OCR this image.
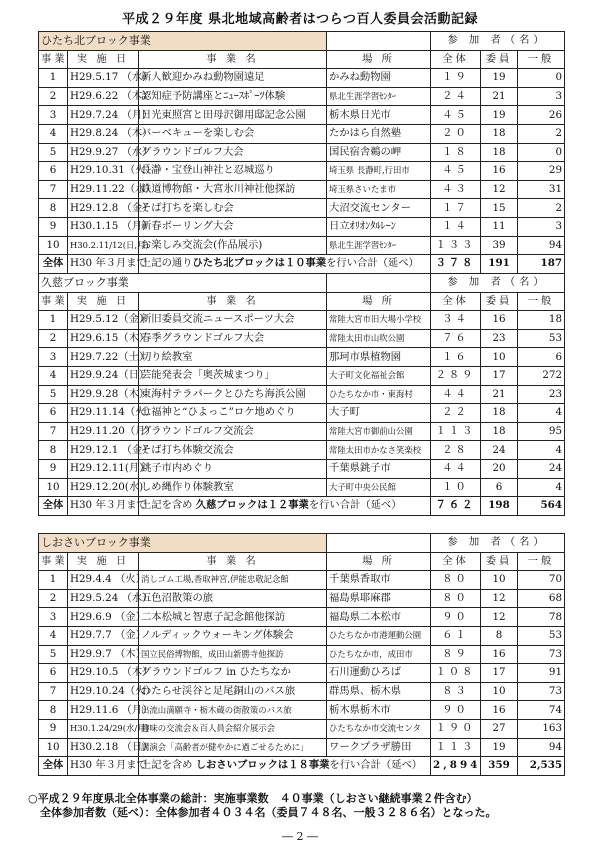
平成２９年度 県北地域高齢者はつらつ百人委員会活動記録
ひたち北ブロック事業				参 加 者（名）		
事業	実 施 日	事 業 名	場 所	全体	委員	一般
1	H29.5.17 （水）	新人歓迎かみね動物園遠足	かみね動物園	１９	19	0
2	H29.6.22 （木）	認知症予防講座とﾆｭｰｽﾎﾟｰﾂ体験	県北生涯学習ｾﾝﾀｰ	２４	21	3
3	H29.7.24 （月）	日光東照宮と田母沢御用邸記念公園	栃木県日光市	４５	19	26
4	H29.8.24 （木）	バーベキューを楽しむ会	たかはら自然塾	２０	18	2
5	H29.9.27 （水）	グラウンドゴルフ大会	国民宿舎鵜の岬	１８	18	0
6	H29.10.31（火）	長瀞・宝登山神社と忍城巡り	埼玉県 長瀞町,行田市	４５	16	29
7	H29.11.22（水）	鉄道博物館・大宮氷川神社他探訪	埼玉県さいたま市	４３	12	31
8	H29.12.8 （金）	そば打ちを楽しむ会	大沼交流センター	１７	15	2
9	H30.1.15 （月）	新春ボーリング大会	日立ｵﾘｵﾝﾀﾙﾚｰﾝ	１４	11	3
10	H30.2.11/12(日,月)	お楽しみ交流会(作品展示)	県北生涯学習ｾﾝﾀｰ	１３３	39	94
全体	H30 年３月まで	上記の通りひたち北ブロックは１０事業を行い合計（延べ）		３７８	191	187
久慈ブロック事業				参 加 者（名）		
事業	実 施 日	事 業 名	場 所	全体	委員	一般
1	H29.5.12（金）	新旧委員交流ニュースポーツ大会	常陸大宮市旧大場小学校	３４	16	18
2	H29.6.15（木）	春季グラウンドゴルフ大会	常陸太田市山吹公園	７６	23	53
3	H29.7.22（土）	切り絵教室	那珂市県植物園	１６	10	6
4	H29.9.24（日）	芸能発表会「奥茨城まつり」	大子町文化福祉会館	２８９	17	272
5	H29.9.28（木）	東海村テラパークとひたち海浜公園	ひたちなか市・東海村	４４	21	23
6	H29.11.14（火）	七福神と“ひよっこ”ロケ地めぐり	大子町	２２	18	4
7	H29.11.20（月）	グラウンドゴルフ交流会	常陸大宮市御前山公園	１１３	18	95
8	H29.12.1 （金）	そば打ち体験交流会	常陸太田市かなさ笑楽校	２８	24	4
9	H29.12.11(月）	銚子市内めぐり	千葉県銚子市	４４	20	24
10	H29.12.20(水)	しめ縄作り体験教室	大子町中央公民館	１０	6	4
全体	H30 年３月まで	上記を含め 久慈ブロックは１２事業を行い合計（延べ）		７６２	198	564
しおさいブロック事業				参 加 者（名）		
事業	実 施 日	事 業 名	場 所	全体	委員	一般
1	H29.4.4 （火）	消しゴム工場,香取神宮,伊能忠敬記念館	千葉県香取市	８０	10	70
2	H29.5.24 （水）	五色沼散策の旅	福島県耶麻郡	８０	12	68
3	H29.6.9 （金）	二本松城と智恵子記念館他探訪	福島県二本松市	９０	12	78
4	H29.7.7 （金）	ノルディックウォーキング体験会	ひたちなか市港運動公園	６１	8	53
5	H29.9.7 （木）	国立民俗博物館，成田山新勝寺他探訪	ひたちなか市，成田市	８９	16	73
6	H29.10.5 （木）	グラウンドゴルフ in ひたちなか	石川運動ひろば	１０８	17	91
7	H29.10.24（火）	わたらせ渓谷と足尾銅山のバス旅	群馬県、栃木県	８３	10	73
8	H29.11.6 （月）	出流山満願寺・栃木蔵の街散策のバス旅	栃木県栃木市	９０	16	74
9	H30.1.24/29(水/月)	趣味の交流会＆百人員会紹介展示会	ひたちなか市交流センタ	１９０	27	163
10	H30.2.18 （日）	講演会「高齢者が健やかに過ごせるために」	ワークプラザ勝田	１１３	19	94
全体	H30 年３月まで	上記を含め しおさいブロックは１８事業を行い合計（延べ）		2,894	359	2,535
○平成２９年度県北全体事業の総計：実施事業数　４０事業（しおさい継続事業２件含む）
全体参加者数（延べ）：全体参加者４０３４名（委員７４８名、一般３２８６名）となった。
― 2 ―
